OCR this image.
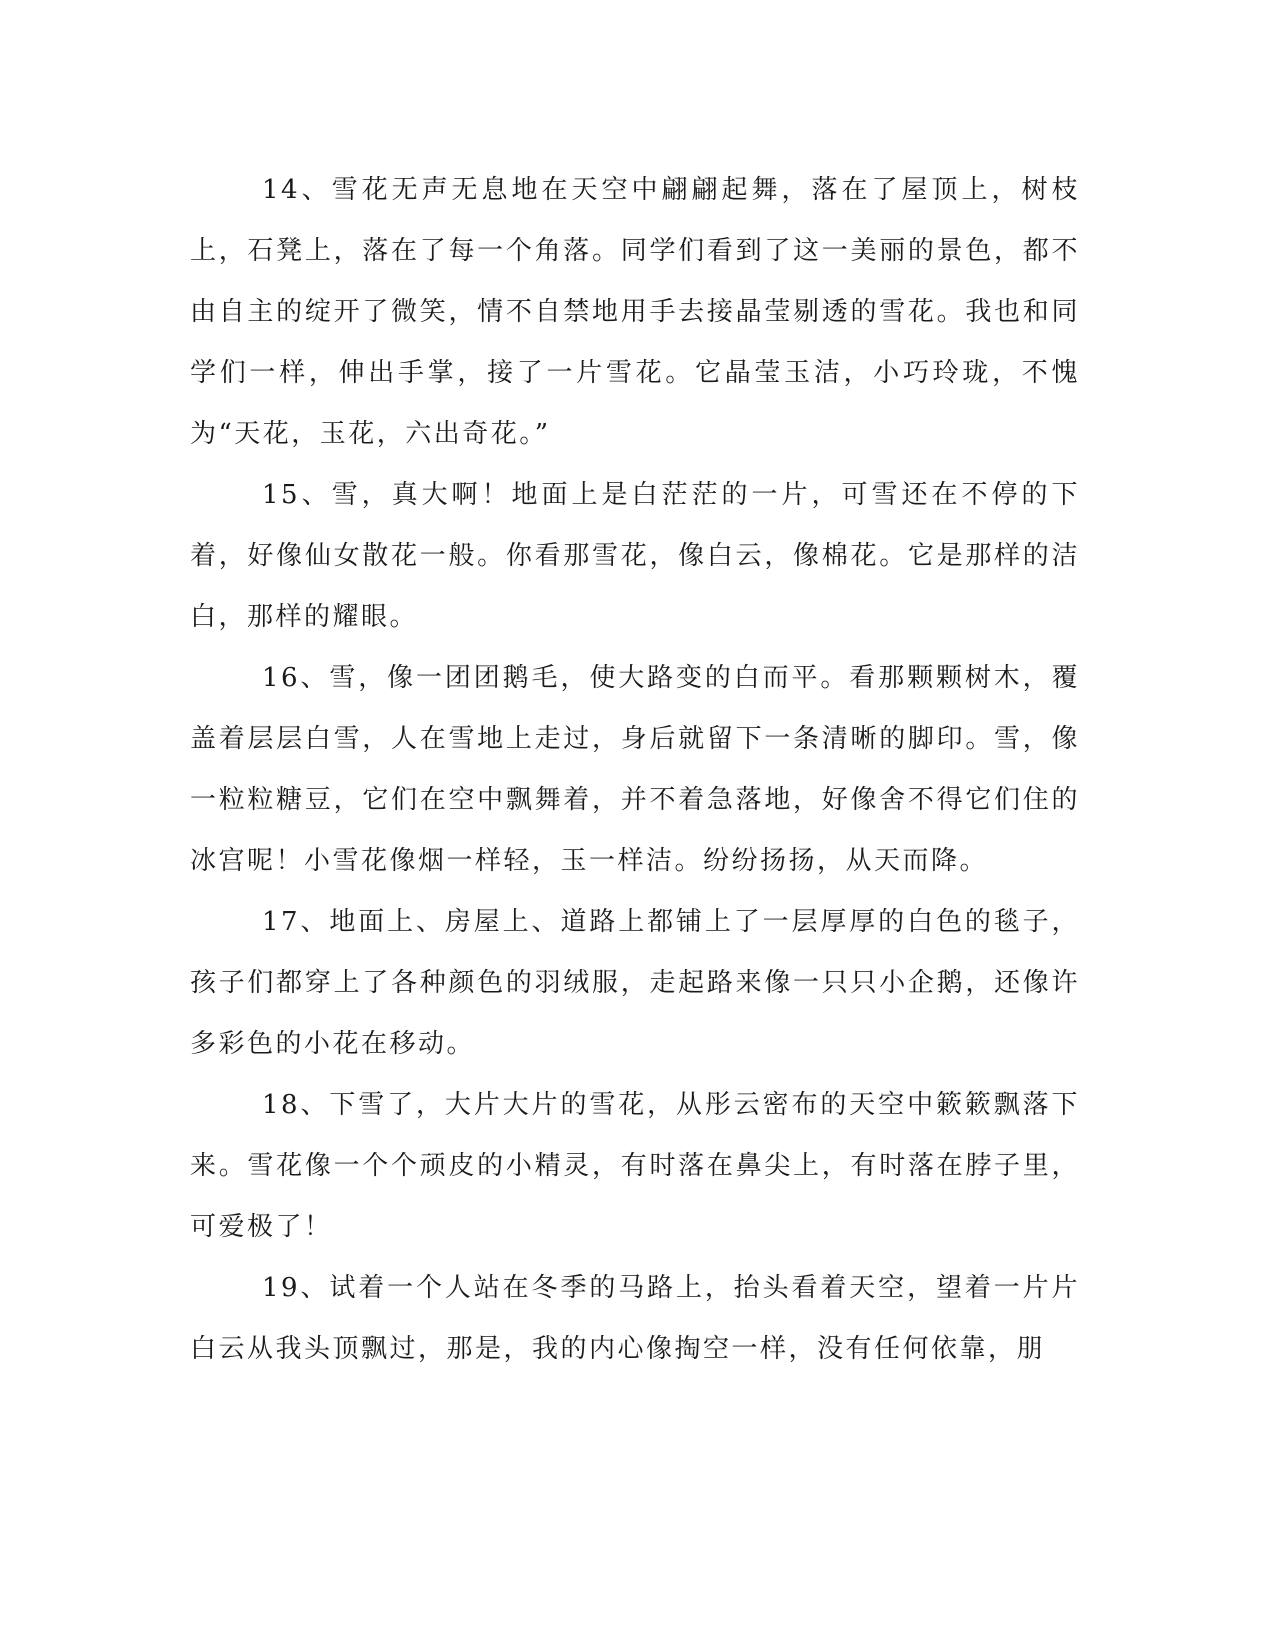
14、雪花无声无息地在天空中翩翩起舞，落在了屋顶上，树枝上，石凳上，落在了每一个角落。同学们看到了这一美丽的景色，都不由自主的绽开了微笑，情不自禁地用手去接晶莹剔透的雪花。我也和同学们一样，伸出手掌，接了一片雪花。它晶莹玉洁，小巧玲珑，不愧为“天花，玉花，六出奇花。”

15、雪，真大啊！地面上是白茫茫的一片，可雪还在不停的下着，好像仙女散花一般。你看那雪花，像白云，像棉花。它是那样的洁白，那样的耀眼。

16、雪，像一团团鹅毛，使大路变的白而平。看那颗颗树木，覆盖着层层白雪，人在雪地上走过，身后就留下一条清晰的脚印。雪，像一粒粒糖豆，它们在空中飘舞着，并不着急落地，好像舍不得它们住的冰宫呢！小雪花像烟一样轻，玉一样洁。纷纷扬扬，从天而降。

17、地面上、房屋上、道路上都铺上了一层厚厚的白色的毯子，孩子们都穿上了各种颜色的羽绒服，走起路来像一只只小企鹅，还像许多彩色的小花在移动。

18、下雪了，大片大片的雪花，从彤云密布的天空中簌簌飘落下来。雪花像一个个顽皮的小精灵，有时落在鼻尖上，有时落在脖子里，可爱极了！

19、试着一个人站在冬季的马路上，抬头看着天空，望着一片片白云从我头顶飘过，那是，我的内心像掏空一样，没有任何依靠，朋
